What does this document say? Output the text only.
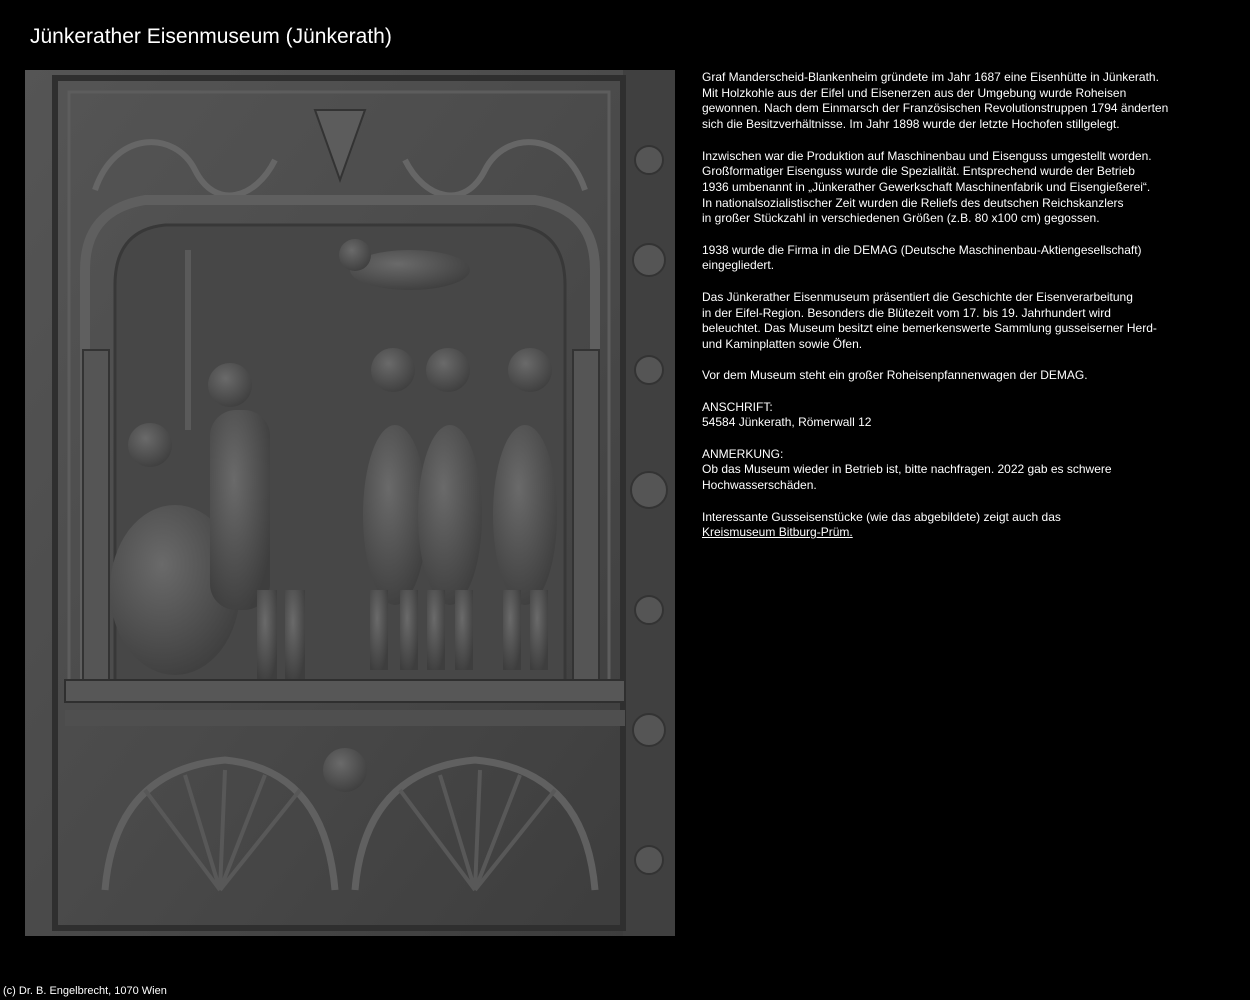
Jünkerather Eisenmuseum (Jünkerath)

Graf Manderscheid-Blankenheim gründete im Jahr 1687 eine Eisenhütte in Jünkerath.
Mit Holzkohle aus der Eifel und Eisenerzen aus der Umgebung wurde Roheisen
gewonnen. Nach dem Einmarsch der Französischen Revolutionstruppen 1794 änderten
sich die Besitzverhältnisse. Im Jahr 1898 wurde der letzte Hochofen stillgelegt.

Inzwischen war die Produktion auf Maschinenbau und Eisenguss umgestellt worden.
Großformatiger Eisenguss wurde die Spezialität. Entsprechend wurde der Betrieb
1936 umbenannt in „Jünkerather Gewerkschaft Maschinenfabrik und Eisengießerei“.
In nationalsozialistischer Zeit wurden die Reliefs des deutschen Reichskanzlers
in großer Stückzahl in verschiedenen Größen (z.B. 80 x100 cm) gegossen.

1938 wurde die Firma in die DEMAG (Deutsche Maschinenbau-Aktiengesellschaft)
eingegliedert.

Das Jünkerather Eisenmuseum präsentiert die Geschichte der Eisenverarbeitung
in der Eifel-Region. Besonders die Blütezeit vom 17. bis 19. Jahrhundert wird
beleuchtet. Das Museum besitzt eine bemerkenswerte Sammlung gusseiserner Herd-
und Kaminplatten sowie Öfen.

Vor dem Museum steht ein großer Roheisenpfannenwagen der DEMAG.

ANSCHRIFT:
54584 Jünkerath, Römerwall 12

ANMERKUNG:
Ob das Museum wieder in Betrieb ist, bitte nachfragen. 2022 gab es schwere
Hochwasserschäden.

Interessante Gusseisenstücke (wie das abgebildete) zeigt auch das
Kreismuseum Bitburg-Prüm.

(c) Dr. B. Engelbrecht, 1070 Wien
